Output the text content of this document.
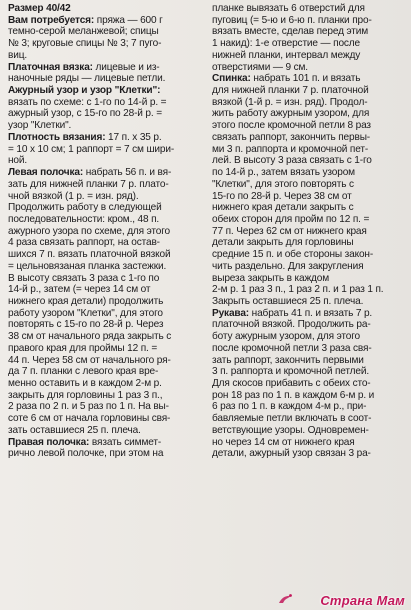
Размер 40/42

Вам потребуется: пряжа — 600 г

темно-серой меланжевой; спицы

№ 3; круговые спицы № 3; 7 пуго-

виц.

Платочная вязка: лицевые и из-

наночные ряды — лицевые петли.

Ажурный узор и узор "Клетки":

вязать по схеме: с 1-го по 14-й р. =

ажурный узор, с 15-го по 28-й р. =

узор "Клетки".

Плотность вязания: 17 п. х 35 р.

= 10 х 10 см; 1 раппорт = 7 см шири-

ной.

Левая полочка: набрать 56 п. и вя-

зать для нижней планки 7 р. плато-

чной вязкой (1 р. = изн. ряд).

Продолжить работу в следующей

последовательности: кром., 48 п.

ажурного узора по схеме, для этого

4 раза связать раппорт, на остав-

шихся 7 п. вязать платочной вязкой

= цельновязаная планка застежки.

В высоту связать 3 раза с 1-го по

14-й р., затем (= через 14 см от

нижнего края детали) продолжить

работу узором "Клетки", для этого

повторять с 15-го по 28-й р. Через

38 см от начального ряда закрыть с

правого края для проймы 12 п. =

44 п. Через 58 см от начального ря-

да 7 п. планки с левого края вре-

менно оставить и в каждом 2-м р.

закрыть для горловины 1 раз 3 п.,

2 раза по 2 п. и 5 раз по 1 п. На вы-

соте 6 см от начала горловины свя-

зать оставшиеся 25 п. плеча.

Правая полочка: вязать симмет-

рично левой полочке, при этом на

планке вывязать 6 отверстий для

пуговиц (= 5-ю и 6-ю п. планки про-

вязать вместе, сделав перед этим

1 накид): 1-е отверстие — после

нижней планки, интервал между

отверстиями — 9 см.

Спинка: набрать 101 п. и вязать

для нижней планки 7 р. платочной

вязкой (1-й р. = изн. ряд). Продол-

жить работу ажурным узором, для

этого после кромочной петли 8 раз

связать раппорт, закончить первы-

ми 3 п. раппорта и кромочной пет-

лей. В высоту 3 раза связать с 1-го

по 14-й р., затем вязать узором

"Клетки", для этого повторять с

15-го по 28-й р. Через 38 см от

нижнего края детали закрыть с

обеих сторон для пройм по 12 п. =

77 п. Через 62 см от нижнего края

детали закрыть для горловины

средние 15 п. и обе стороны закон-

чить раздельно. Для закругления

выреза закрыть в каждом

2-м р. 1 раз 3 п., 1 раз 2 п. и 1 раз 1 п.

Закрыть оставшиеся 25 п. плеча.

Рукава: набрать 41 п. и вязать 7 р.

платочной вязкой. Продолжить ра-

боту ажурным узором, для этого

после кромочной петли 3 раза свя-

зать раппорт, закончить первыми

3 п. раппорта и кромочной петлей.

Для скосов прибавить с обеих сто-

рон 18 раз по 1 п. в каждом 6-м р. и

6 раз по 1 п. в каждом 4-м р., при-

бавляемые петли включать в соот-

ветствующие узоры. Одновремен-

но через 14 см от нижнего края

детали, ажурный узор связан 3 ра-

Страна Мам
